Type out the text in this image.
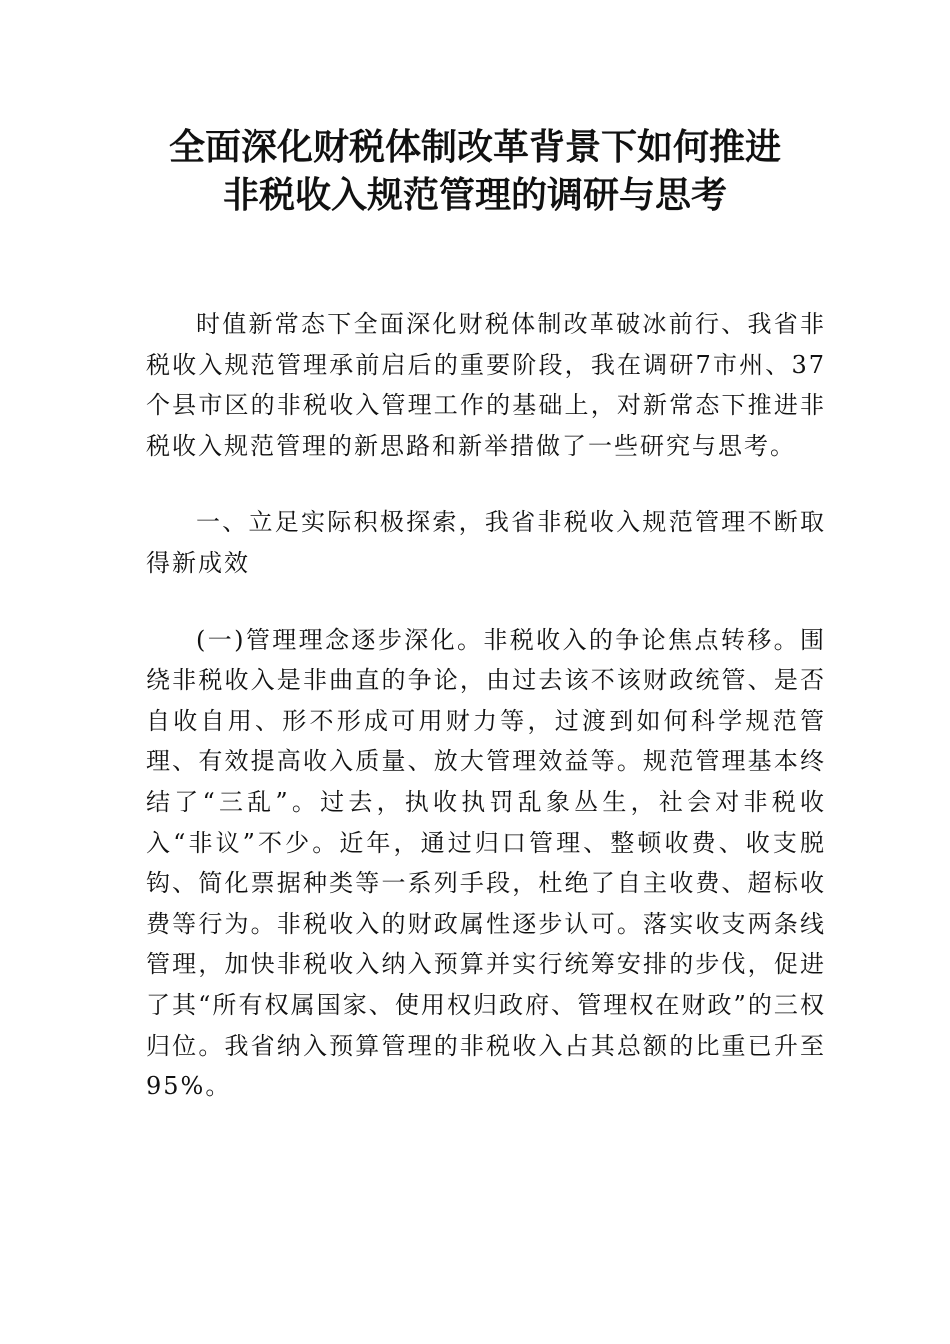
全面深化财税体制改革背景下如何推进
非税收入规范管理的调研与思考

时值新常态下全面深化财税体制改革破冰前行、我省非税收入规范管理承前启后的重要阶段，我在调研7市州、37个县市区的非税收入管理工作的基础上，对新常态下推进非税收入规范管理的新思路和新举措做了一些研究与思考。

一、立足实际积极探索，我省非税收入规范管理不断取得新成效

(一)管理理念逐步深化。非税收入的争论焦点转移。围绕非税收入是非曲直的争论，由过去该不该财政统管、是否自收自用、形不形成可用财力等，过渡到如何科学规范管理、有效提高收入质量、放大管理效益等。规范管理基本终结了“三乱”。过去，执收执罚乱象丛生，社会对非税收入“非议”不少。近年，通过归口管理、整顿收费、收支脱钩、简化票据种类等一系列手段，杜绝了自主收费、超标收费等行为。非税收入的财政属性逐步认可。落实收支两条线管理，加快非税收入纳入预算并实行统筹安排的步伐，促进了其“所有权属国家、使用权归政府、管理权在财政”的三权归位。我省纳入预算管理的非税收入占其总额的比重已升至95%。
